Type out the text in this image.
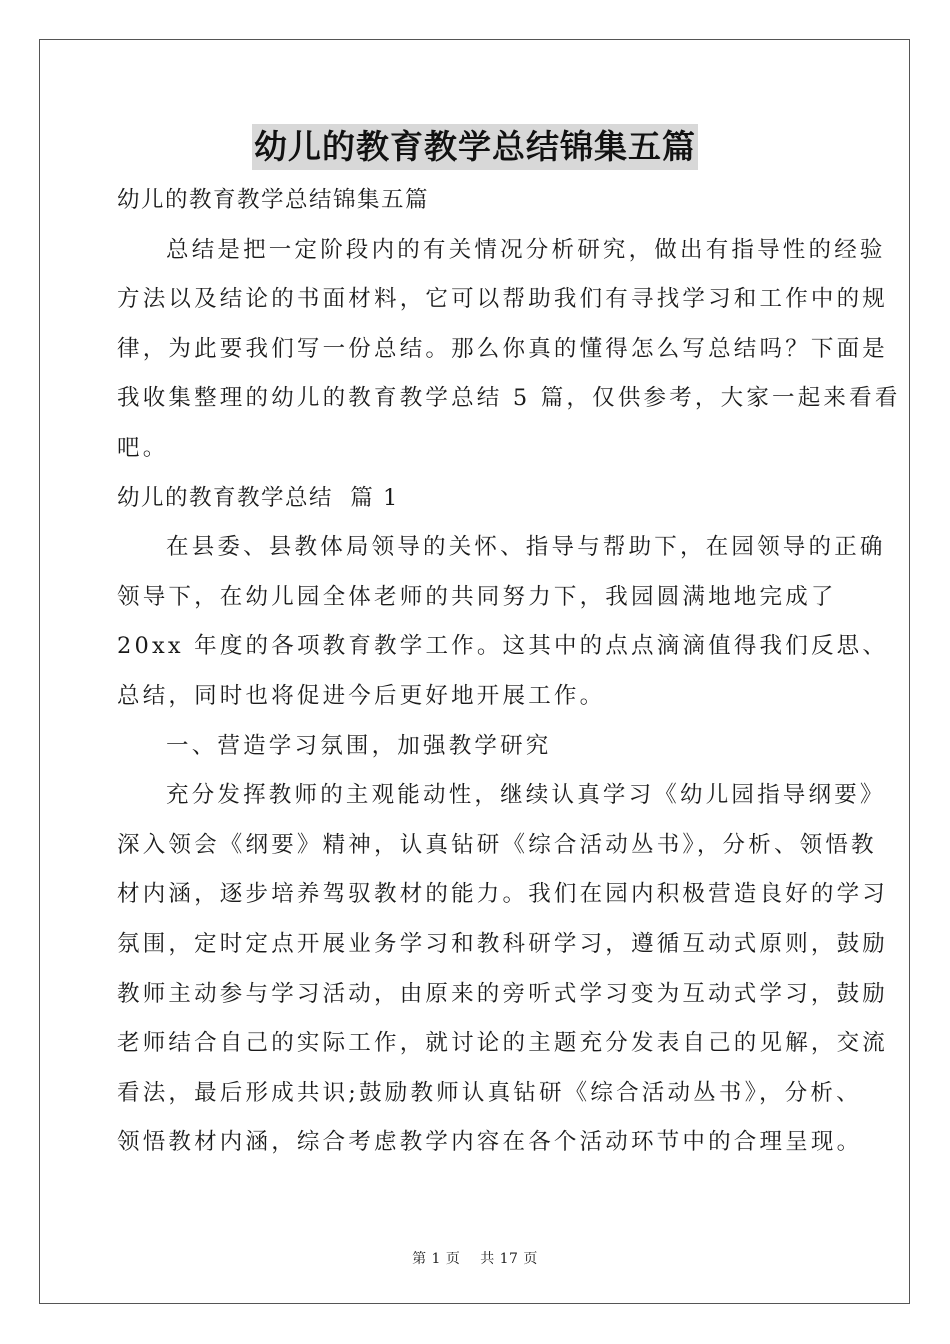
幼儿的教育教学总结锦集五篇
幼儿的教育教学总结锦集五篇
总结是把一定阶段内的有关情况分析研究，做出有指导性的经验
方法以及结论的书面材料，它可以帮助我们有寻找学习和工作中的规
律，为此要我们写一份总结。那么你真的懂得怎么写总结吗？下面是
我收集整理的幼儿的教育教学总结 5 篇，仅供参考，大家一起来看看
吧。
幼儿的教育教学总结  篇 1
在县委、县教体局领导的关怀、指导与帮助下，在园领导的正确
领导下，在幼儿园全体老师的共同努力下，我园圆满地地完成了
20xx 年度的各项教育教学工作。这其中的点点滴滴值得我们反思、
总结，同时也将促进今后更好地开展工作。
一、营造学习氛围，加强教学研究
充分发挥教师的主观能动性，继续认真学习《幼儿园指导纲要》
深入领会《纲要》精神，认真钻研《综合活动丛书》，分析、领悟教
材内涵，逐步培养驾驭教材的能力。我们在园内积极营造良好的学习
氛围，定时定点开展业务学习和教科研学习，遵循互动式原则，鼓励
教师主动参与学习活动，由原来的旁听式学习变为互动式学习，鼓励
老师结合自己的实际工作，就讨论的主题充分发表自己的见解，交流
看法，最后形成共识;鼓励教师认真钻研《综合活动丛书》，分析、
领悟教材内涵，综合考虑教学内容在各个活动环节中的合理呈现。
第 1 页 共 17 页
